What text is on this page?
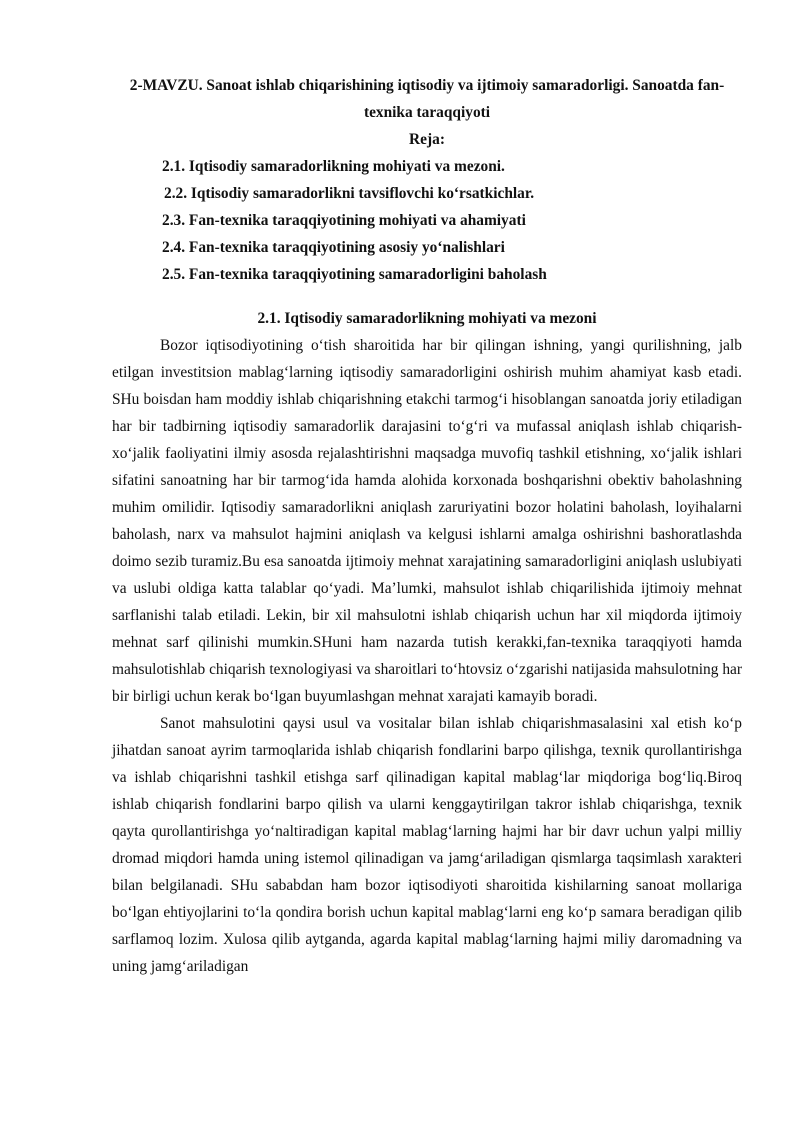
2-MAVZU. Sanoat ishlab chiqarishining iqtisodiy va ijtimoiy samaradorligi. Sanoatda fan-texnika taraqqiyoti

Reja:

2.1. Iqtisodiy samaradorlikning mohiyati va mezoni.
2.2. Iqtisodiy samaradorlikni tavsiflovchi ko‘rsatkichlar.
2.3. Fan-texnika taraqqiyotining mohiyati va ahamiyati
2.4. Fan-texnika taraqqiyotining asosiy yo‘nalishlari
2.5. Fan-texnika taraqqiyotining samaradorligini baholash

2.1. Iqtisodiy samaradorlikning mohiyati va mezoni

Bozor iqtisodiyotining o‘tish sharoitida har bir qilingan ishning, yangi qurilishning, jalb etilgan investitsion mablag‘larning iqtisodiy samaradorligini oshirish muhim ahamiyat kasb etadi. SHu boisdan ham moddiy ishlab chiqarishning etakchi tarmog‘i hisoblangan sanoatda joriy etiladigan har bir tadbirning iqtisodiy samaradorlik darajasini to‘g‘ri va mufassal aniqlash ishlab chiqarish-xo‘jalik faoliyatini ilmiy asosda rejalashtirishni maqsadga muvofiq tashkil etishning, xo‘jalik ishlari sifatini sanoatning har bir tarmog‘ida hamda alohida korxonada boshqarishni obektiv baholashning muhim omilidir. Iqtisodiy samaradorlikni aniqlash zaruriyatini bozor holatini baholash, loyihalarni baholash, narx va mahsulot hajmini aniqlash va kelgusi ishlarni amalga oshirishni bashoratlashda doimo sezib turamiz.Bu esa sanoatda ijtimoiy mehnat xarajatining samaradorligini aniqlash uslubiyati va uslubi oldiga katta talablar qo‘yadi. Ma’lumki, mahsulot ishlab chiqarilishida ijtimoiy mehnat sarflanishi talab etiladi. Lekin, bir xil mahsulotni ishlab chiqarish uchun har xil miqdorda ijtimoiy mehnat sarf qilinishi mumkin.SHuni ham nazarda tutish kerakki,fan-texnika taraqqiyoti hamda mahsulotishlab chiqarish texnologiyasi va sharoitlari to‘htovsiz o‘zgarishi natijasida mahsulotning har bir birligi uchun kerak bo‘lgan buyumlashgan mehnat xarajati kamayib boradi.

Sanot mahsulotini qaysi usul va vositalar bilan ishlab chiqarishmasalasini xal etish ko‘p jihatdan sanoat ayrim tarmoqlarida ishlab chiqarish fondlarini barpo qilishga, texnik qurollantirishga va ishlab chiqarishni tashkil etishga sarf qilinadigan kapital mablag‘lar miqdoriga bog‘liq.Biroq ishlab chiqarish fondlarini barpo qilish va ularni kenggaytirilgan takror ishlab chiqarishga, texnik qayta qurollantirishga yo‘naltiradigan kapital mablag‘larning hajmi har bir davr uchun yalpi milliy dromad miqdori hamda uning istemol qilinadigan va jamg‘ariladigan qismlarga taqsimlash xarakteri bilan belgilanadi. SHu sababdan ham bozor iqtisodiyoti sharoitida kishilarning sanoat mollariga bo‘lgan ehtiyojlarini to‘la qondira borish uchun kapital mablag‘larni eng ko‘p samara beradigan qilib sarflamoq lozim. Xulosa qilib aytganda, agarda kapital mablag‘larning hajmi miliy daromadning va uning jamg‘ariladigan
